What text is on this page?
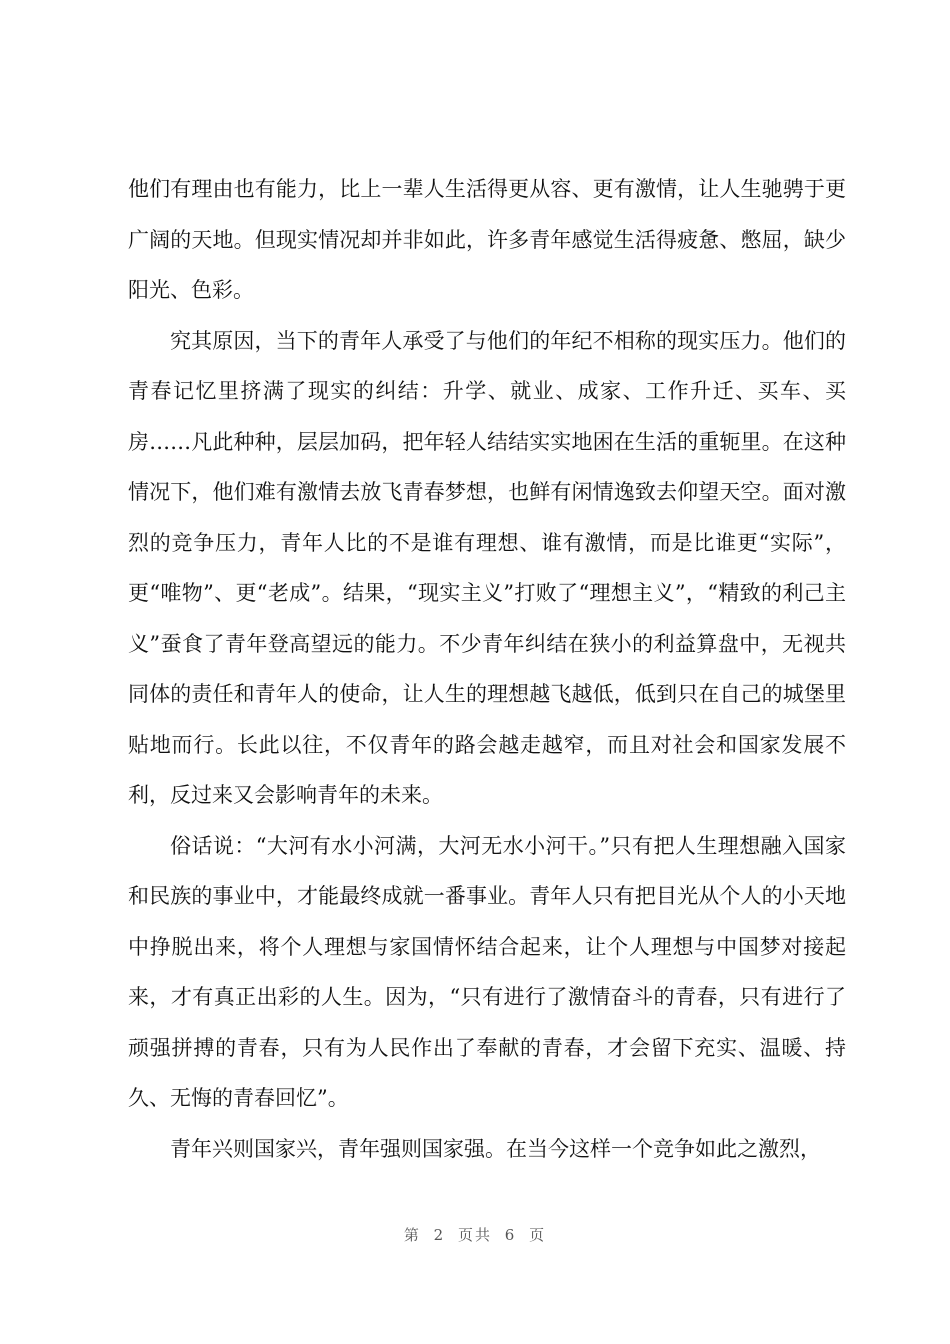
他们有理由也有能力，比上一辈人生活得更从容、更有激情，让人生驰骋于更广阔的天地。但现实情况却并非如此，许多青年感觉生活得疲惫、憋屈，缺少阳光、色彩。

究其原因，当下的青年人承受了与他们的年纪不相称的现实压力。他们的青春记忆里挤满了现实的纠结：升学、就业、成家、工作升迁、买车、买房……凡此种种，层层加码，把年轻人结结实实地困在生活的重轭里。在这种情况下，他们难有激情去放飞青春梦想，也鲜有闲情逸致去仰望天空。面对激烈的竞争压力，青年人比的不是谁有理想、谁有激情，而是比谁更“实际”，更“唯物”、更“老成”。结果，“现实主义”打败了“理想主义”，“精致的利己主义”蚕食了青年登高望远的能力。不少青年纠结在狭小的利益算盘中，无视共同体的责任和青年人的使命，让人生的理想越飞越低，低到只在自己的城堡里贴地而行。长此以往，不仅青年的路会越走越窄，而且对社会和国家发展不利，反过来又会影响青年的未来。

俗话说：“大河有水小河满，大河无水小河干。”只有把人生理想融入国家和民族的事业中，才能最终成就一番事业。青年人只有把目光从个人的小天地中挣脱出来，将个人理想与家国情怀结合起来，让个人理想与中国梦对接起来，才有真正出彩的人生。因为，“只有进行了激情奋斗的青春，只有进行了顽强拼搏的青春，只有为人民作出了奉献的青春，才会留下充实、温暖、持久、无悔的青春回忆”。

青年兴则国家兴，青年强则国家强。在当今这样一个竞争如此之激烈，

第 2 页共 6 页
